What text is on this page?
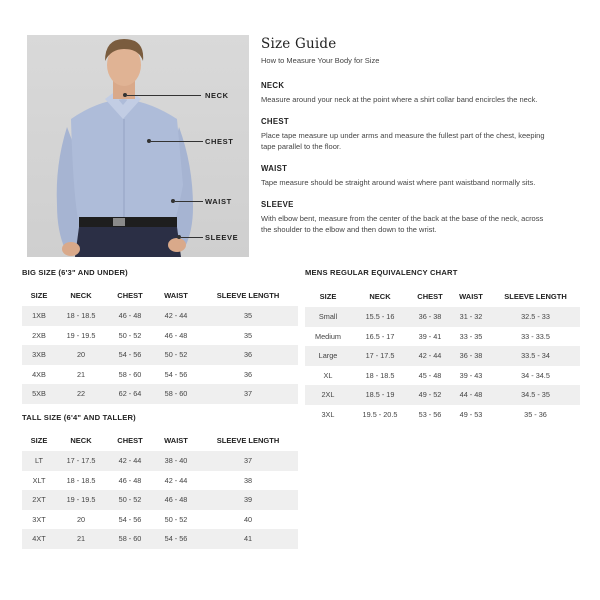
NECK
CHEST
WAIST
SLEEVE
Size Guide
How to Measure Your Body for Size
NECK
Measure around your neck at the point where a shirt collar band encircles the neck.
CHEST
Place tape measure up under arms and measure the fullest part of the chest, keeping tape parallel to the floor.
WAIST
Tape measure should be straight around waist where pant waistband normally sits.
SLEEVE
With elbow bent, measure from the center of the back at the base of the neck, across the shoulder to the elbow and then down to the wrist.
BIG SIZE (6'3" AND UNDER)
SIZE	NECK	CHEST	WAIST	SLEEVE LENGTH
1XB	18 - 18.5	46 - 48	42 - 44	35
2XB	19 - 19.5	50 - 52	46 - 48	35
3XB	20	54 - 56	50 - 52	36
4XB	21	58 - 60	54 - 56	36
5XB	22	62 - 64	58 - 60	37
TALL SIZE (6'4" AND TALLER)
SIZE	NECK	CHEST	WAIST	SLEEVE LENGTH
LT	17 - 17.5	42 - 44	38 - 40	37
XLT	18 - 18.5	46 - 48	42 - 44	38
2XT	19 - 19.5	50 - 52	46 - 48	39
3XT	20	54 - 56	50 - 52	40
4XT	21	58 - 60	54 - 56	41
MENS REGULAR EQUIVALENCY CHART
SIZE	NECK	CHEST	WAIST	SLEEVE LENGTH
Small	15.5 - 16	36 - 38	31 - 32	32.5 - 33
Medium	16.5 - 17	39 - 41	33 - 35	33 - 33.5
Large	17 - 17.5	42 - 44	36 - 38	33.5 - 34
XL	18 - 18.5	45 - 48	39 - 43	34 - 34.5
2XL	18.5 - 19	49 - 52	44 - 48	34.5 - 35
3XL	19.5 - 20.5	53 - 56	49 - 53	35 - 36
